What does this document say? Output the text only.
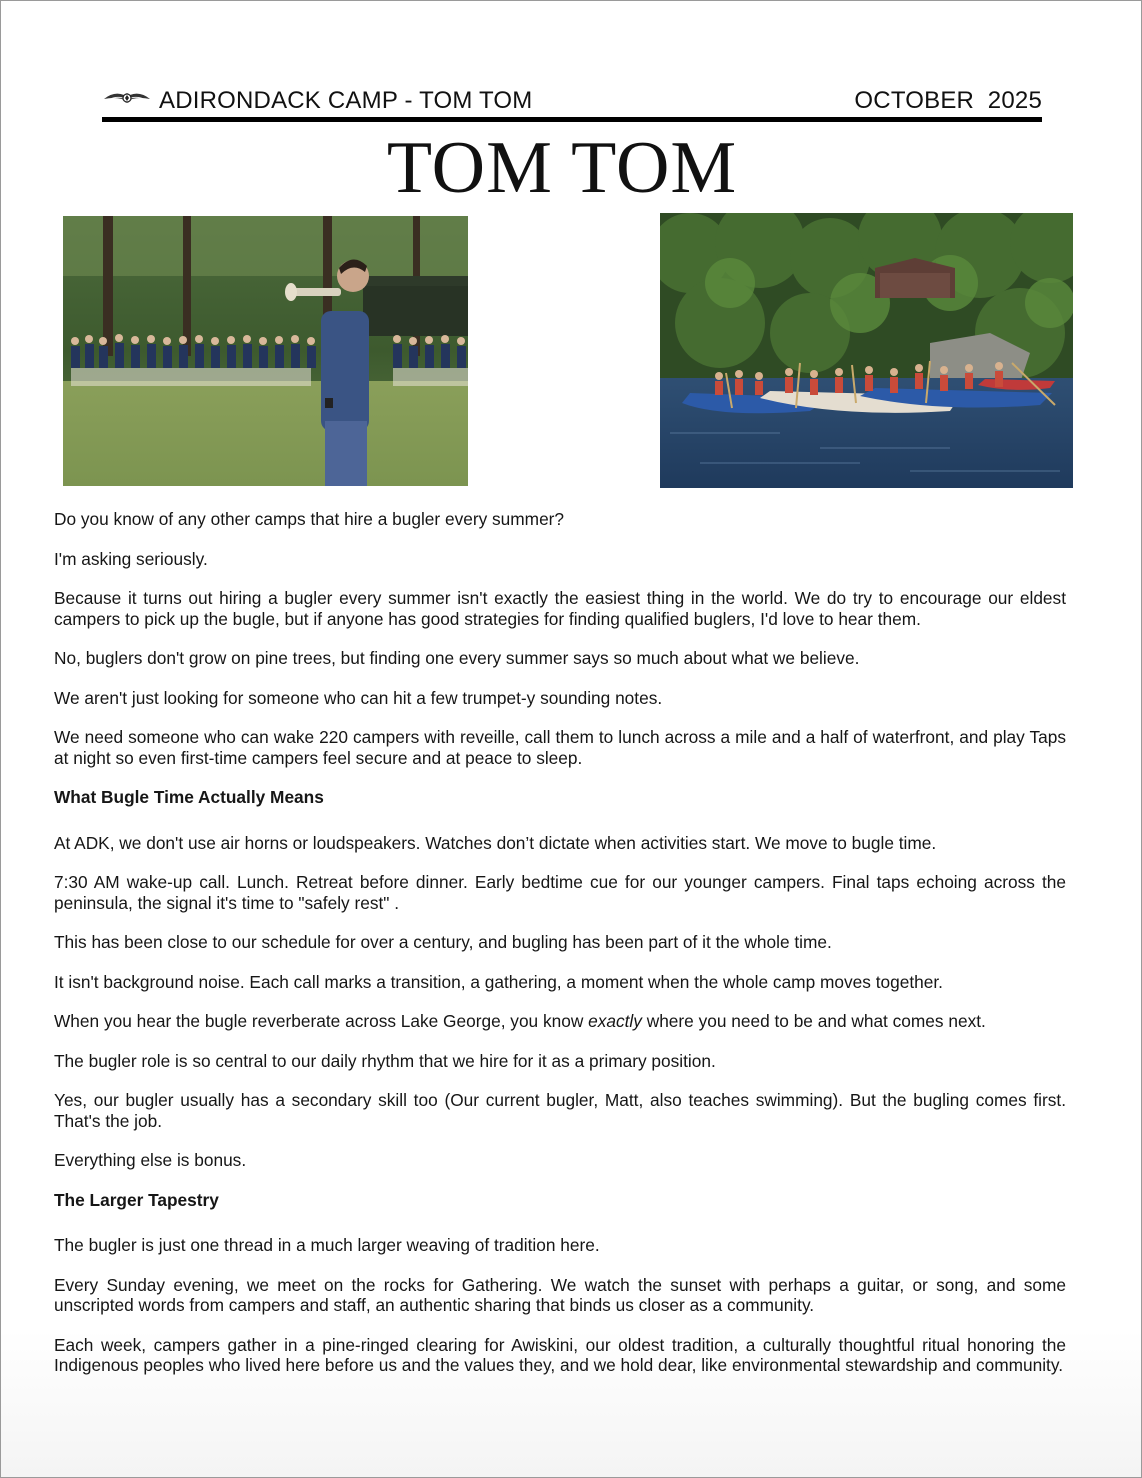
ADIRONDACK CAMP - TOM TOM	OCTOBER  2025
TOM TOM

Do you know of any other camps that hire a bugler every summer?

I'm asking seriously.

Because it turns out hiring a bugler every summer isn't exactly the easiest thing in the world. We do try to encourage our eldest campers to pick up the bugle, but if anyone has good strategies for finding qualified buglers, I'd love to hear them.

No, buglers don't grow on pine trees, but finding one every summer says so much about what we believe.

We aren't just looking for someone who can hit a few trumpet-y sounding notes.

We need someone who can wake 220 campers with reveille, call them to lunch across a mile and a half of waterfront, and play Taps at night so even first-time campers feel secure and at peace to sleep.

What Bugle Time Actually Means

At ADK, we don't use air horns or loudspeakers. Watches don’t dictate when activities start. We move to bugle time.

7:30 AM wake-up call. Lunch. Retreat before dinner. Early bedtime cue for our younger campers. Final taps echoing across the peninsula, the signal it's time to "safely rest" .

This has been close to our schedule for over a century, and bugling has been part of it the whole time.

It isn't background noise. Each call marks a transition, a gathering, a moment when the whole camp moves together.

When you hear the bugle reverberate across Lake George, you know exactly where you need to be and what comes next.

The bugler role is so central to our daily rhythm that we hire for it as a primary position.

Yes, our bugler usually has a secondary skill too (Our current bugler, Matt, also teaches swimming). But the bugling comes first. That's the job.

Everything else is bonus.

The Larger Tapestry

The bugler is just one thread in a much larger weaving of tradition here.

Every Sunday evening, we meet on the rocks for Gathering. We watch the sunset with perhaps a guitar, or song, and some unscripted words from campers and staff, an authentic sharing that binds us closer as a community.

Each week, campers gather in a pine-ringed clearing for Awiskini, our oldest tradition, a culturally thoughtful ritual honoring the Indigenous peoples who lived here before us and the values they, and we hold dear, like environmental stewardship and community.
